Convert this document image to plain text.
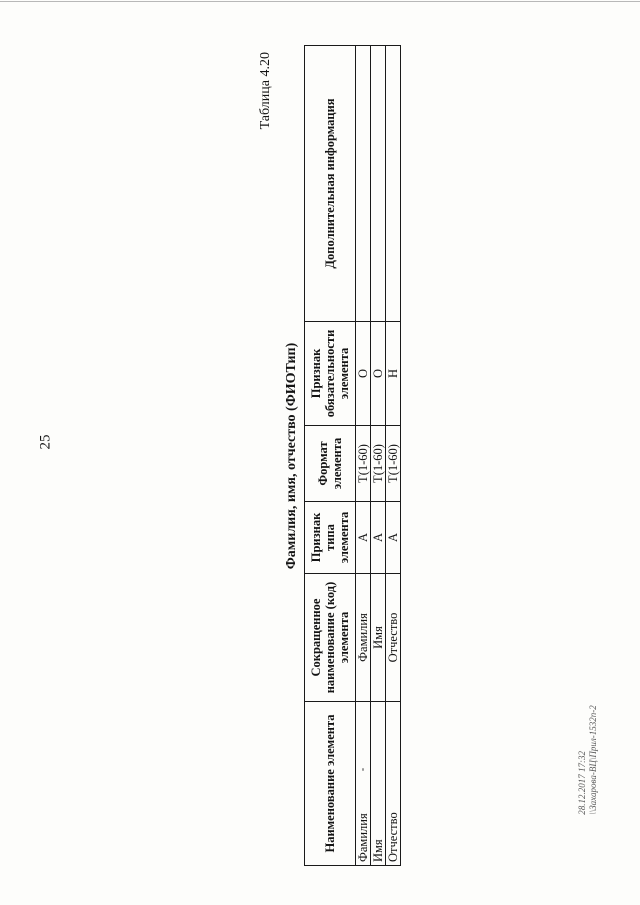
25
Таблица 4.20
Фамилия, имя, отчество (ФИОТип)
Наименование элемента	Сокращенное наименование (код) элемента	Признак типа элемента	Формат элемента	Признак обязательности элемента	Дополнительная информация
Фамилия	Фамилия	А	T(1-60)	О	
Имя	Имя	А	T(1-60)	О	
Отчество	Отчество	А	T(1-60)	Н	
28.12.2017 17:32 \\Захарова-ВЦ\Прил-1532п-2
